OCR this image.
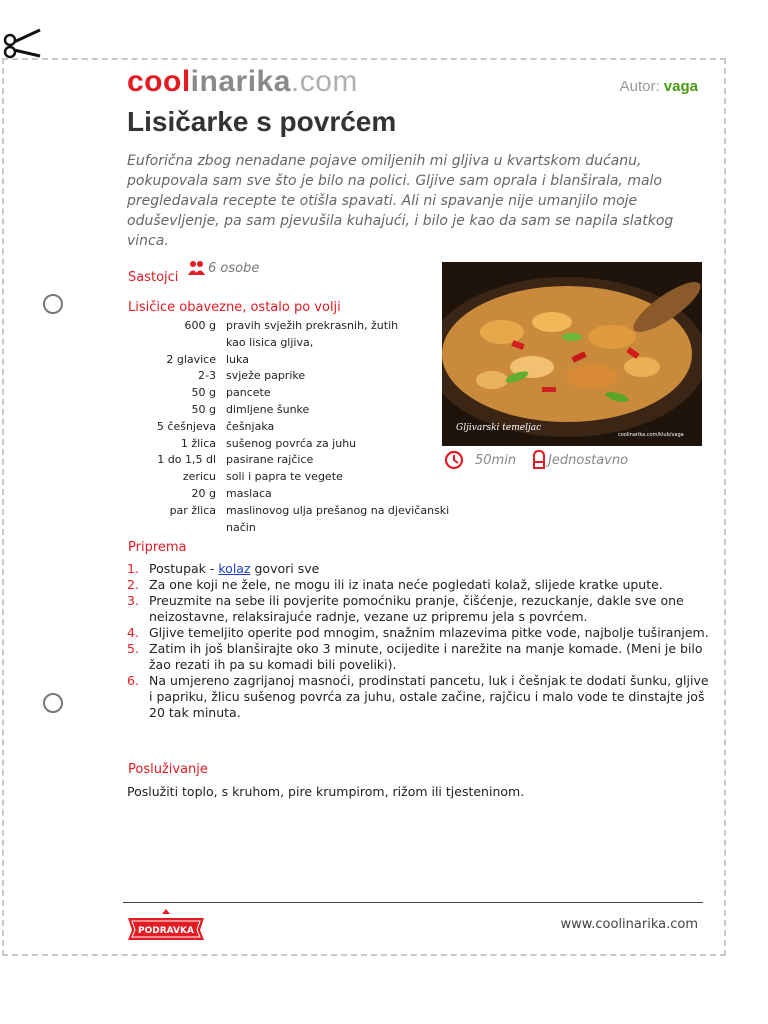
coolinarika.com	Autor: vaga
Lisičarke s povrćem

Euforična zbog nenadane pojave omiljenih mi gljiva u kvartskom dućanu, pokupovala sam sve što je bilo na polici. Gljive sam oprala i blanširala, malo pregledavala recepte te otišla spavati. Ali ni spavanje nije umanjilo moje oduševljenje, pa sam pjevušila kuhajući, i bilo je kao da sam se napila slatkog vinca.

Sastojci
6 osobe
Lisičice obavezne, ostalo po volji
600 g pravih svježih prekrasnih, žutih kao lisica gljiva,
2 glavice luka
2-3 svježe paprike
50 g pancete
50 g dimljene šunke
5 češnjeva češnjaka
1 žlica sušenog povrća za juhu
1 do 1,5 dl pasirane rajčice
zericu soli i papra te vegete
20 g maslaca
par žlica maslinovog ulja prešanog na djevičanski način
Gljivarski temeljac
coolinarika.com/klub/vaga
50min Jednostavno
Priprema
1. Postupak - kolaz govori sve
2. Za one koji ne žele, ne mogu ili iz inata neće pogledati kolaž, slijede kratke upute.
3. Preuzmite na sebe ili povjerite pomoćniku pranje, čišćenje, rezuckanje, dakle sve one neizostavne, relaksirajuće radnje, vezane uz pripremu jela s povrćem.
4. Gljive temeljito operite pod mnogim, snažnim mlazevima pitke vode, najbolje tuširanjem.
5. Zatim ih još blanširajte oko 3 minute, ocijedite i narežite na manje komade. (Meni je bilo žao rezati ih pa su komadi bili poveliki).
6. Na umjereno zagrijanoj masnoći, prodinstati pancetu, luk i češnjak te dodati šunku, gljive i papriku, žlicu sušenog povrća za juhu, ostale začine, rajčicu i malo vode te dinstajte još 20 tak minuta.
Posluživanje
Poslužiti toplo, s kruhom, pire krumpirom, rižom ili tjesteninom.
PODRAVKA	www.coolinarika.com
